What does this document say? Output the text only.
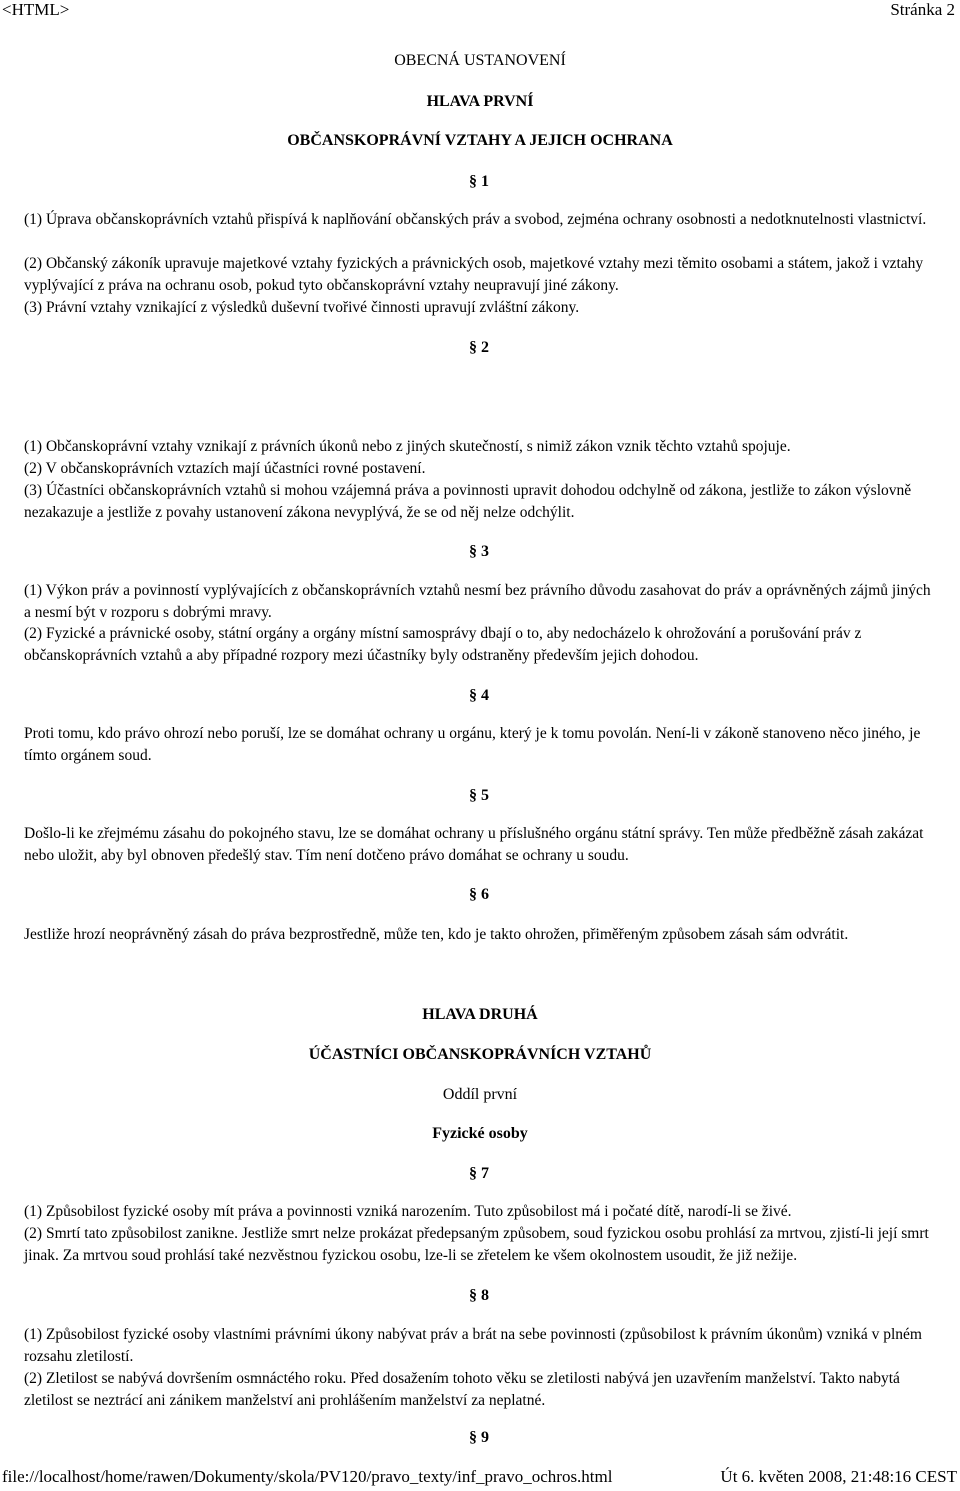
<HTML>	Stránka 2
OBECNÁ USTANOVENÍ
HLAVA PRVNÍ
OBČANSKOPRÁVNÍ VZTAHY A JEJICH OCHRANA
§ 1
(1) Úprava občanskoprávních vztahů přispívá k naplňování občanských práv a svobod, zejména ochrany osobnosti a nedotknutelnosti vlastnictví.
(2) Občanský zákoník upravuje majetkové vztahy fyzických a právnických osob, majetkové vztahy mezi těmito osobami a státem, jakož i vztahy vyplývající z práva na ochranu osob, pokud tyto občanskoprávní vztahy neupravují jiné zákony.
(3) Právní vztahy vznikající z výsledků duševní tvořivé činnosti upravují zvláštní zákony.
§ 2
(1) Občanskoprávní vztahy vznikají z právních úkonů nebo z jiných skutečností, s nimiž zákon vznik těchto vztahů spojuje.
(2) V občanskoprávních vztazích mají účastníci rovné postavení.
(3) Účastníci občanskoprávních vztahů si mohou vzájemná práva a povinnosti upravit dohodou odchylně od zákona, jestliže to zákon výslovně nezakazuje a jestliže z povahy ustanovení zákona nevyplývá, že se od něj nelze odchýlit.
§ 3
(1) Výkon práv a povinností vyplývajících z občanskoprávních vztahů nesmí bez právního důvodu zasahovat do práv a oprávněných zájmů jiných a nesmí být v rozporu s dobrými mravy.
(2) Fyzické a právnické osoby, státní orgány a orgány místní samosprávy dbají o to, aby nedocházelo k ohrožování a porušování práv z občanskoprávních vztahů a aby případné rozpory mezi účastníky byly odstraněny především jejich dohodou.
§ 4
Proti tomu, kdo právo ohrozí nebo poruší, lze se domáhat ochrany u orgánu, který je k tomu povolán. Není-li v zákoně stanoveno něco jiného, je tímto orgánem soud.
§ 5
Došlo-li ke zřejmému zásahu do pokojného stavu, lze se domáhat ochrany u příslušného orgánu státní správy. Ten může předběžně zásah zakázat nebo uložit, aby byl obnoven předešlý stav. Tím není dotčeno právo domáhat se ochrany u soudu.
§ 6
Jestliže hrozí neoprávněný zásah do práva bezprostředně, může ten, kdo je takto ohrožen, přiměřeným způsobem zásah sám odvrátit.
HLAVA DRUHÁ
ÚČASTNÍCI OBČANSKOPRÁVNÍCH VZTAHŮ
Oddíl první
Fyzické osoby
§ 7
(1) Způsobilost fyzické osoby mít práva a povinnosti vzniká narozením. Tuto způsobilost má i počaté dítě, narodí-li se živé.
(2) Smrtí tato způsobilost zanikne. Jestliže smrt nelze prokázat předepsaným způsobem, soud fyzickou osobu prohlásí za mrtvou, zjistí-li její smrt jinak. Za mrtvou soud prohlásí také nezvěstnou fyzickou osobu, lze-li se zřetelem ke všem okolnostem usoudit, že již nežije.
§ 8
(1) Způsobilost fyzické osoby vlastními právními úkony nabývat práv a brát na sebe povinnosti (způsobilost k právním úkonům) vzniká v plném rozsahu zletilostí.
(2) Zletilost se nabývá dovršením osmnáctého roku. Před dosažením tohoto věku se zletilosti nabývá jen uzavřením manželství. Takto nabytá zletilost se neztrácí ani zánikem manželství ani prohlášením manželství za neplatné.
§ 9
file://localhost/home/rawen/Dokumenty/skola/PV120/pravo_texty/inf_pravo_ochros.html	Út 6. květen 2008, 21:48:16 CEST
